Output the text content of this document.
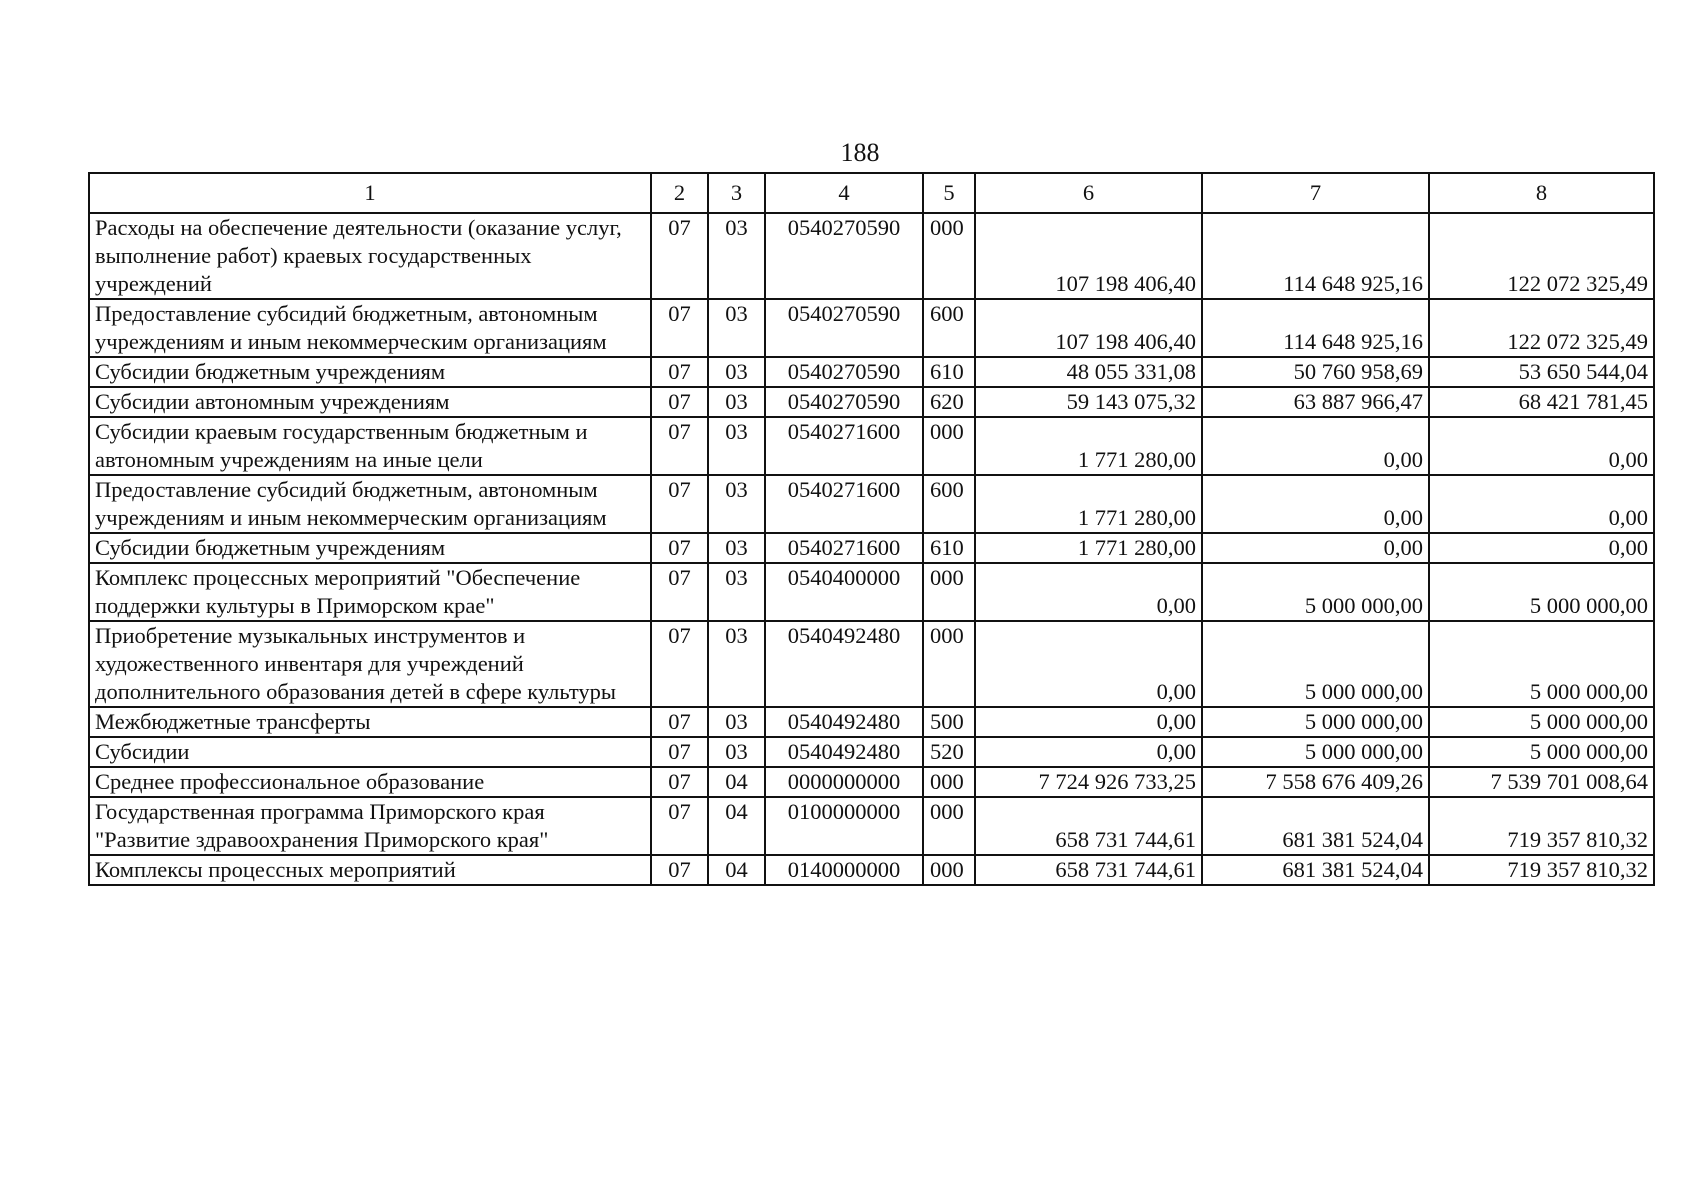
188
1	2	3	4	5	6	7	8
Расходы на обеспечение деятельности (оказание услуг, выполнение работ) краевых государственных учреждений	07	03	0540270590	000	107 198 406,40	114 648 925,16	122 072 325,49
Предоставление субсидий бюджетным, автономным учреждениям и иным некоммерческим организациям	07	03	0540270590	600	107 198 406,40	114 648 925,16	122 072 325,49
Субсидии бюджетным учреждениям	07	03	0540270590	610	48 055 331,08	50 760 958,69	53 650 544,04
Субсидии автономным учреждениям	07	03	0540270590	620	59 143 075,32	63 887 966,47	68 421 781,45
Субсидии краевым государственным бюджетным и автономным учреждениям на иные цели	07	03	0540271600	000	1 771 280,00	0,00	0,00
Предоставление субсидий бюджетным, автономным учреждениям и иным некоммерческим организациям	07	03	0540271600	600	1 771 280,00	0,00	0,00
Субсидии бюджетным учреждениям	07	03	0540271600	610	1 771 280,00	0,00	0,00
Комплекс процессных мероприятий "Обеспечение поддержки культуры в Приморском крае"	07	03	0540400000	000	0,00	5 000 000,00	5 000 000,00
Приобретение музыкальных инструментов и художественного инвентаря для учреждений дополнительного образования детей в сфере культуры	07	03	0540492480	000	0,00	5 000 000,00	5 000 000,00
Межбюджетные трансферты	07	03	0540492480	500	0,00	5 000 000,00	5 000 000,00
Субсидии	07	03	0540492480	520	0,00	5 000 000,00	5 000 000,00
Среднее профессиональное образование	07	04	0000000000	000	7 724 926 733,25	7 558 676 409,26	7 539 701 008,64
Государственная программа Приморского края "Развитие здравоохранения Приморского края"	07	04	0100000000	000	658 731 744,61	681 381 524,04	719 357 810,32
Комплексы процессных мероприятий	07	04	0140000000	000	658 731 744,61	681 381 524,04	719 357 810,32
